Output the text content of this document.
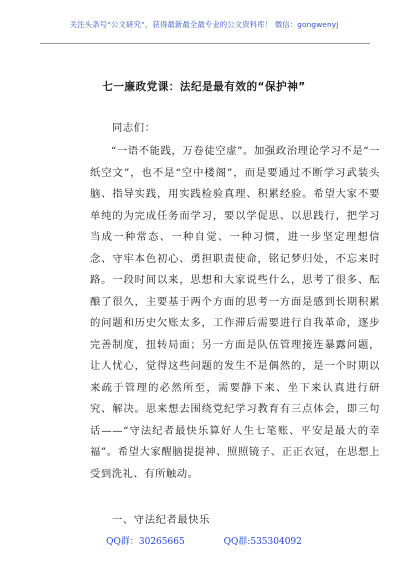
关注头条号“公文研究”，获得最新最全最专业的公文资料库！ 微信：gongwenyj
七一廉政党课：法纪是最有效的“保护神”
同志们：
“一语不能践，万卷徒空虚”。加强政治理论学习不是“一纸空文”，也不是“空中楼阁”，而是要通过不断学习武装头脑、指导实践，用实践检验真理、积累经验。希望大家不要单纯的为完成任务而学习，要以学促思、以思践行，把学习当成一种常态、一种自觉、一种习惯，进一步坚定理想信念、守牢本色初心、勇担职责使命，铭记梦归处，不忘来时路。一段时间以来，思想和大家说些什么，思考了很多、酝酿了很久，主要基于两个方面的思考一方面是感到长期积累的问题和历史欠账太多，工作滞后需要进行自我革命，逐步完善制度，扭转局面；另一方面是队伍管理接连暴露问题，让人忧心，觉得这些问题的发生不是偶然的，是一个时期以来疏于管理的必然所至，需要静下来、坐下来认真进行研究、解决。思来想去围绕党纪学习教育有三点体会，即三句话——“守法纪者最快乐算好人生七笔账、平安是最大的幸福”。希望大家醒脑提提神、照照镜子、正正衣冠，在思想上受到洗礼、有所触动。
一、守法纪者最快乐
QQ群：30265665	QQ群:535304092
